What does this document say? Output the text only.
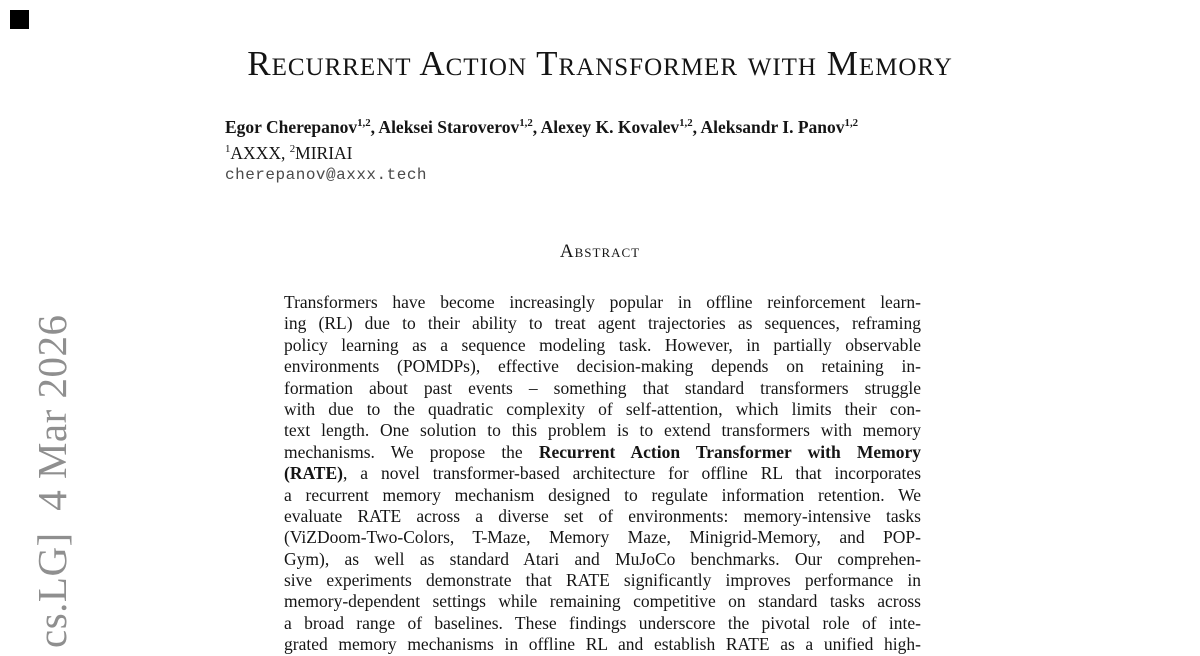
cs.LG]  4 Mar 2026
Recurrent Action Transformer with Memory
Egor Cherepanov$^{1,2}$, Aleksei Staroverov$^{1,2}$, Alexey K. Kovalev$^{1,2}$, Aleksandr I. Panov$^{1,2}$
$^1$AXXX, $^2$MIRIAI
cherepanov@axxx.tech
Abstract
Transformers have become increasingly popular in offline reinforcement learn-
ing (RL) due to their ability to treat agent trajectories as sequences, reframing
policy learning as a sequence modeling task. However, in partially observable
environments (POMDPs), effective decision-making depends on retaining in-
formation about past events – something that standard transformers struggle
with due to the quadratic complexity of self-attention, which limits their con-
text length. One solution to this problem is to extend transformers with memory
mechanisms. We propose the Recurrent Action Transformer with Memory
(RATE), a novel transformer-based architecture for offline RL that incorporates
a recurrent memory mechanism designed to regulate information retention. We
evaluate RATE across a diverse set of environments: memory-intensive tasks
(ViZDoom-Two-Colors, T-Maze, Memory Maze, Minigrid-Memory, and POP-
Gym), as well as standard Atari and MuJoCo benchmarks. Our comprehen-
sive experiments demonstrate that RATE significantly improves performance in
memory-dependent settings while remaining competitive on standard tasks across
a broad range of baselines. These findings underscore the pivotal role of inte-
grated memory mechanisms in offline RL and establish RATE as a unified high-
